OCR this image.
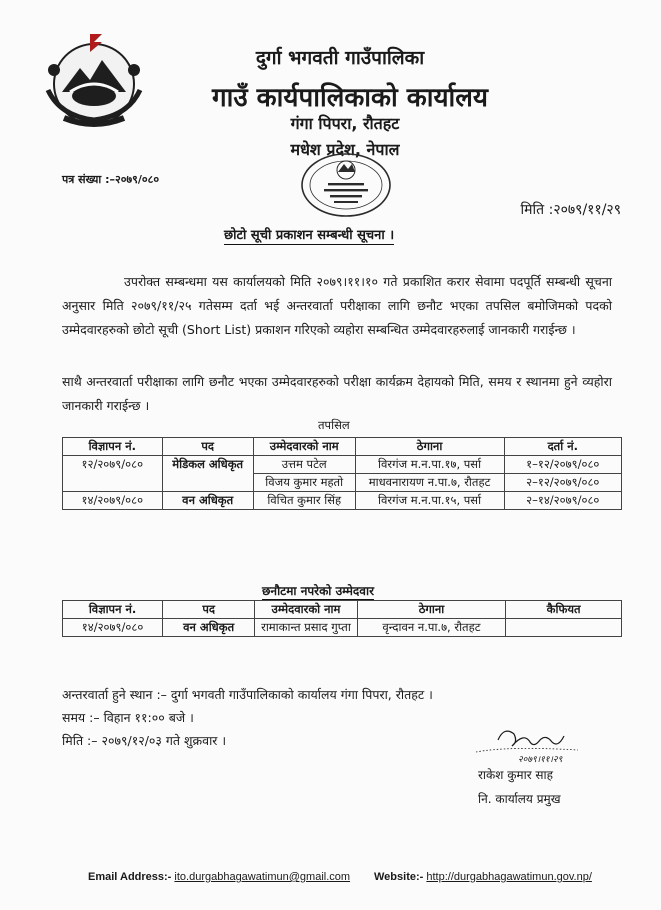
दुर्गा भगवती गाउँपालिका
गाउँ कार्यपालिकाको कार्यालय
गंगा पिपरा, रौतहट
मधेश प्रदेश, नेपाल
पत्र संख्या :–२०७९/०८०
मिति :२०७९/११/२९
छोटो सूची प्रकाशन सम्बन्धी सूचना ।
उपरोक्त सम्बन्धमा यस कार्यालयको मिति २०७९।११।१० गते प्रकाशित करार सेवामा पदपूर्ति सम्बन्धी सूचना अनुसार मिति २०७९/११/२५ गतेसम्म दर्ता भई अन्तरवार्ता परीक्षाका लागि छनौट भएका तपसिल बमोजिमको पदको उम्मेदवारहरुको छोटो सूची (Short List) प्रकाशन गरिएको व्यहोरा सम्बन्धित उम्मेदवारहरुलाई जानकारी गराईन्छ ।
साथै अन्तरवार्ता परीक्षाका लागि छनौट भएका उम्मेदवारहरुको परीक्षा कार्यक्रम देहायको मिति, समय र स्थानमा हुने व्यहोरा जानकारी गराईन्छ ।
तपसिल
विज्ञापन नं.	पद	उम्मेदवारको नाम	ठेगाना	दर्ता नं.
१२/२०७९/०८०	मेडिकल अधिकृत	उत्तम पटेल	विरगंज म.न.पा.१७, पर्सा	१–१२/२०७९/०८०
		विजय कुमार महतो	माधवनारायण न.पा.७, रौतहट	२–१२/२०७९/०८०
१४/२०७९/०८०	वन अधिकृत	विचित कुमार सिंह	विरगंज म.न.पा.१५, पर्सा	२–१४/२०७९/०८०
छनौटमा नपरेको उम्मेदवार
विज्ञापन नं.	पद	उम्मेदवारको नाम	ठेगाना	कैफियत
१४/२०७९/०८०	वन अधिकृत	रामाकान्त प्रसाद गुप्ता	वृन्दावन न.पा.७, रौतहट	
अन्तरवार्ता हुने स्थान :– दुर्गा भगवती गाउँपालिकाको कार्यालय गंगा पिपरा, रौतहट ।
समय :– विहान ११:०० बजे ।
मिति :– २०७९/१२/०३ गते शुक्रवार ।
२०७९।११।२९
राकेश कुमार साह
नि. कार्यालय प्रमुख
Email Address:- ito.durgabhagawatimun@gmail.com Website:- http://durgabhagawatimun.gov.np/
